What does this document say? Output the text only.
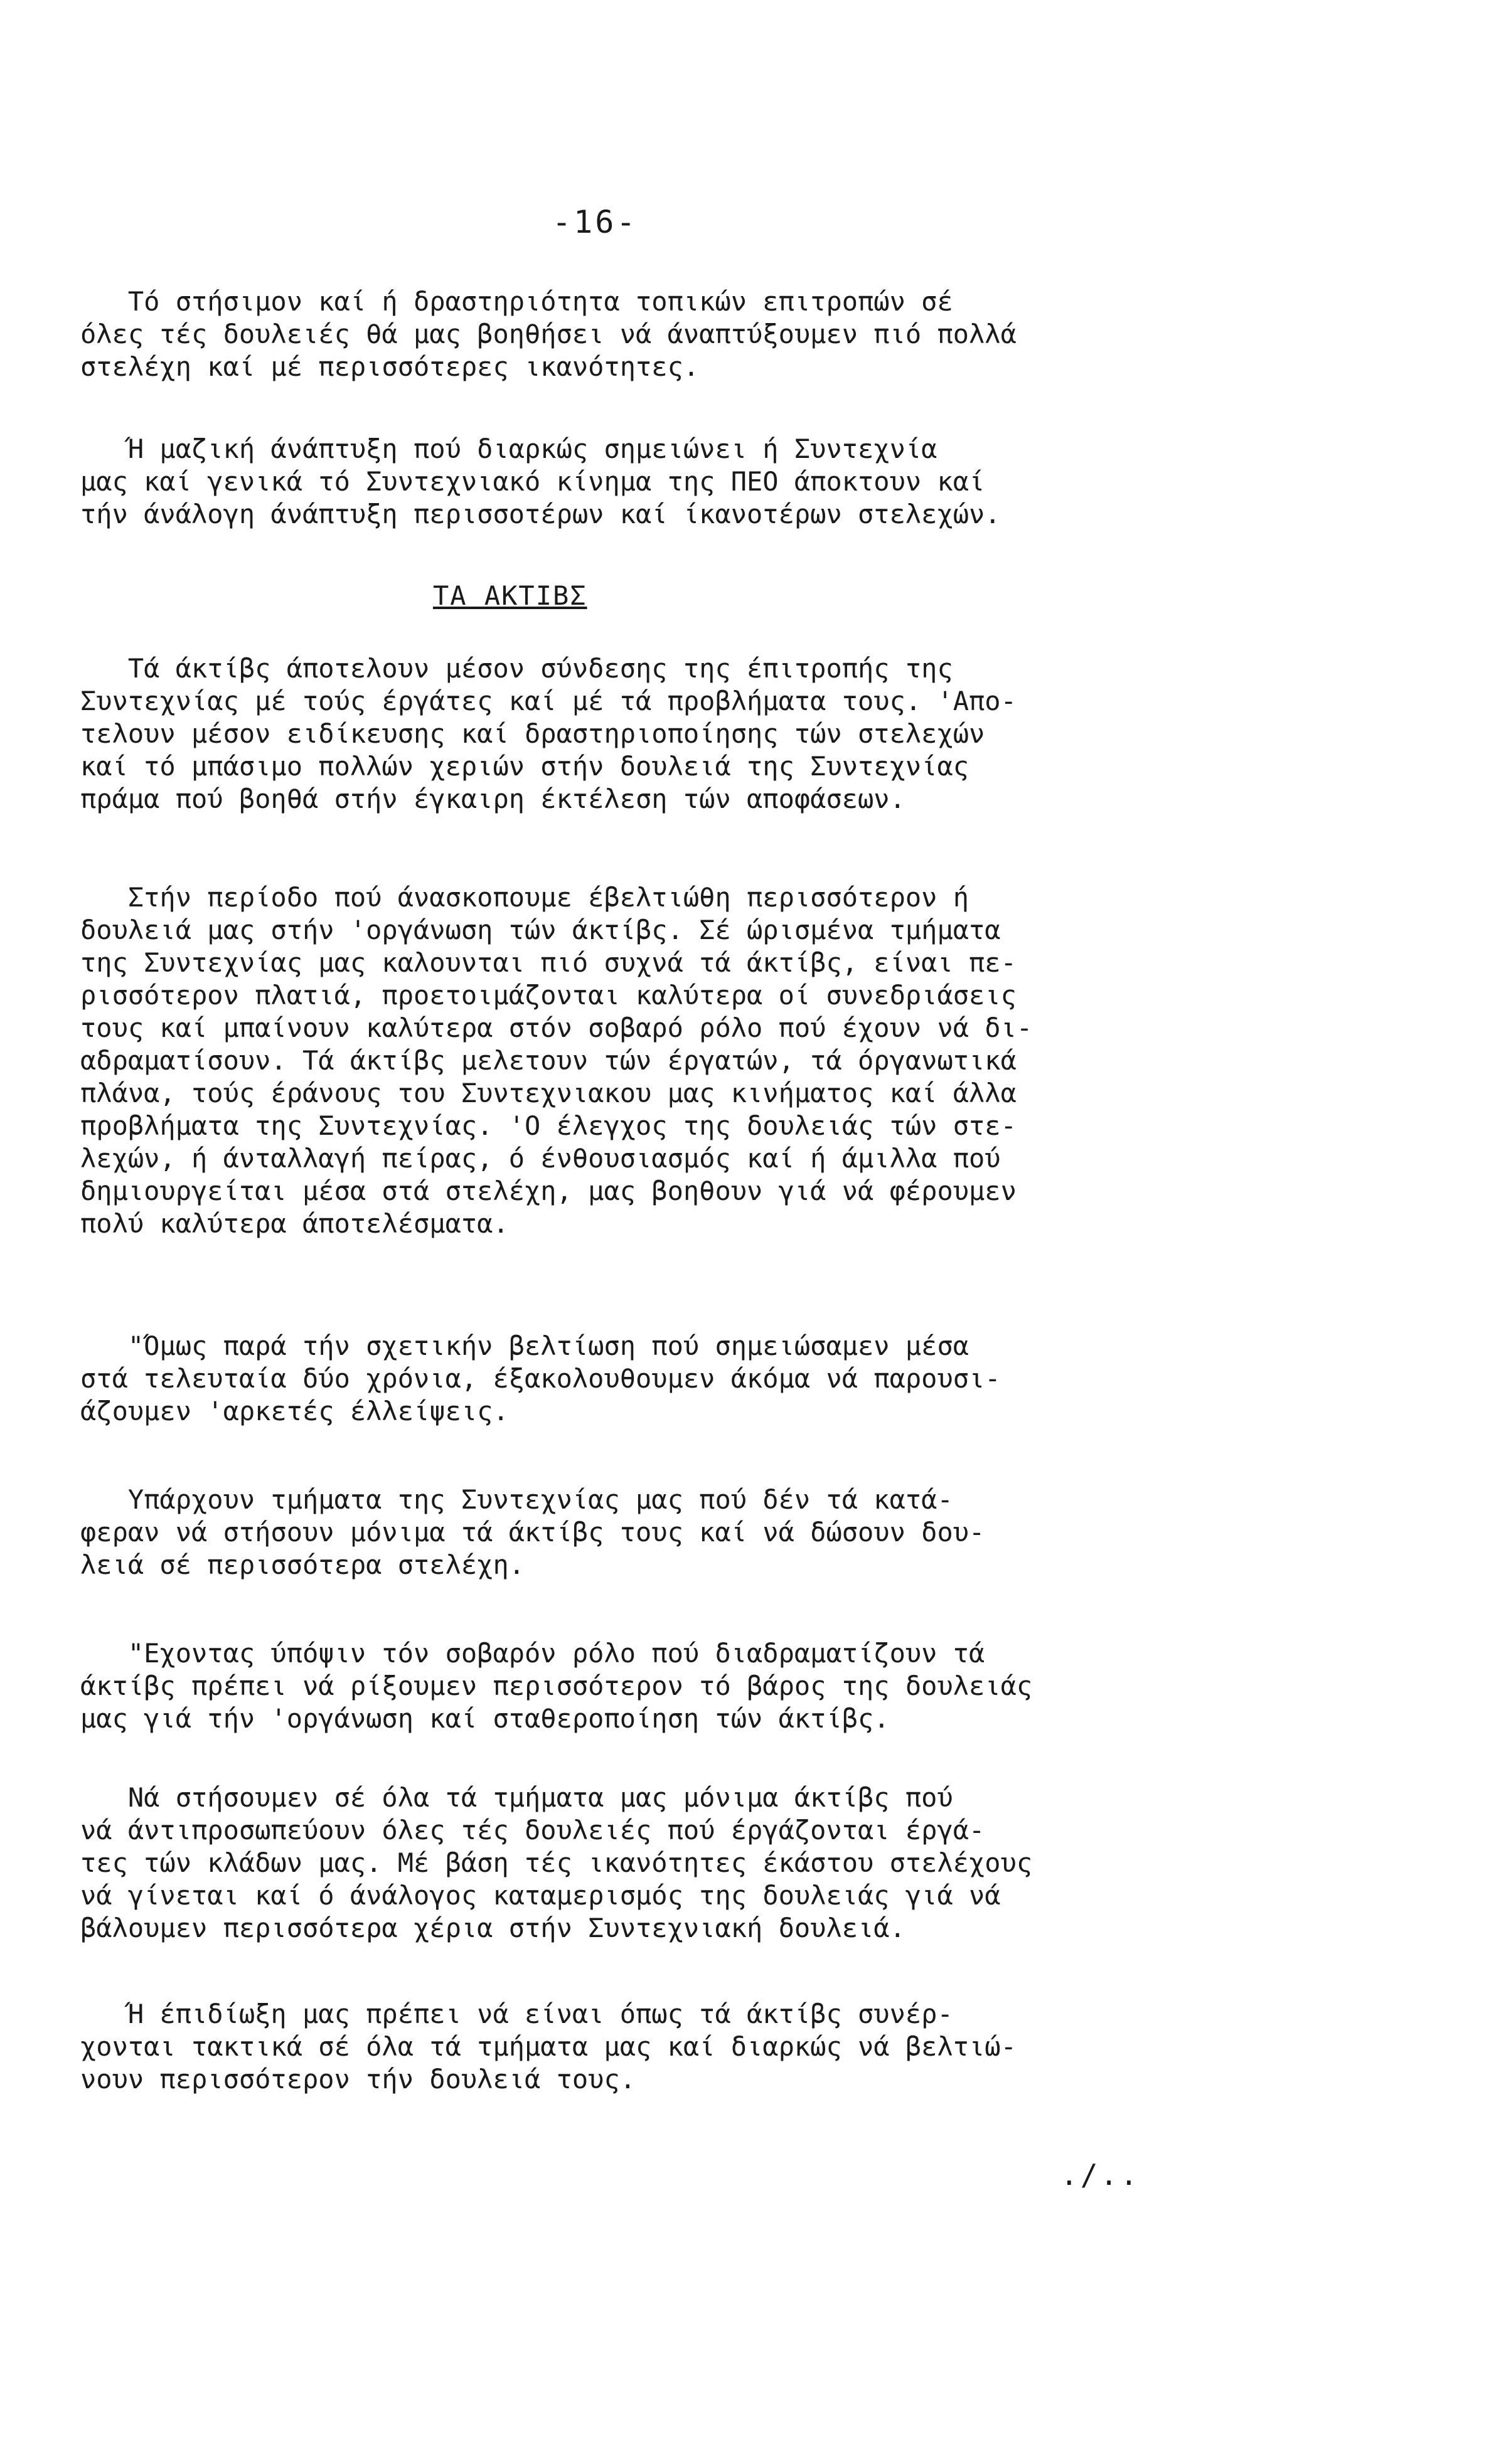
-16-

Τό στήσιμον καί ή δραστηριότητα τοπικών επιτροπών σέ
όλες τές δουλειές θά μας βοηθήσει νά άναπτύξουμεν πιό πολλά
στελέχη καί μέ περισσότερες ικανότητες.

Ή μαζική άνάπτυξη πού διαρκώς σημειώνει ή Συντεχνία
μας καί γενικά τό Συντεχνιακό κίνημα της ΠΕΟ άποκτουν καί
τήν άνάλογη άνάπτυξη περισσοτέρων καί ίκανοτέρων στελεχών.

ΤΑ ΑΚΤΙΒΣ

Τά άκτίβς άποτελουν μέσον σύνδεσης της έπιτροπής της
Συντεχνίας μέ τούς έργάτες καί μέ τά προβλήματα τους. 'Απο-
τελουν μέσον ειδίκευσης καί δραστηριοποίησης τών στελεχών
καί τό μπάσιμο πολλών χεριών στήν δουλειά της Συντεχνίας
πράμα πού βοηθά στήν έγκαιρη έκτέλεση τών αποφάσεων.

Στήν περίοδο πού άνασκοπουμε έβελτιώθη περισσότερον ή
δουλειά μας στήν 'οργάνωση τών άκτίβς. Σέ ώρισμένα τμήματα
της Συντεχνίας μας καλουνται πιό συχνά τά άκτίβς, είναι πε-
ρισσότερον πλατιά, προετοιμάζονται καλύτερα οί συνεδριάσεις
τους καί μπαίνουν καλύτερα στόν σοβαρό ρόλο πού έχουν νά δι-
αδραματίσουν. Τά άκτίβς μελετουν τών έργατών, τά όργανωτικά
πλάνα, τούς έράνους του Συντεχνιακου μας κινήματος καί άλλα
προβλήματα της Συντεχνίας. 'Ο έλεγχος της δουλειάς τών στε-
λεχών, ή άνταλλαγή πείρας, ό ένθουσιασμός καί ή άμιλλα πού
δημιουργείται μέσα στά στελέχη, μας βοηθουν γιά νά φέρουμεν
πολύ καλύτερα άποτελέσματα.

"Όμως παρά τήν σχετικήν βελτίωση πού σημειώσαμεν μέσα
στά τελευταία δύο χρόνια, έξακολουθουμεν άκόμα νά παρουσι-
άζουμεν 'αρκετές έλλείψεις.

Υπάρχουν τμήματα της Συντεχνίας μας πού δέν τά κατά-
φεραν νά στήσουν μόνιμα τά άκτίβς τους καί νά δώσουν δου-
λειά σέ περισσότερα στελέχη.

"Εχοντας ύπόψιν τόν σοβαρόν ρόλο πού διαδραματίζουν τά
άκτίβς πρέπει νά ρίξουμεν περισσότερον τό βάρος της δουλειάς
μας γιά τήν 'οργάνωση καί σταθεροποίηση τών άκτίβς.

Νά στήσουμεν σέ όλα τά τμήματα μας μόνιμα άκτίβς πού
νά άντιπροσωπεύουν όλες τές δουλειές πού έργάζονται έργά-
τες τών κλάδων μας. Μέ βάση τές ικανότητες έκάστου στελέχους
νά γίνεται καί ό άνάλογος καταμερισμός της δουλειάς γιά νά
βάλουμεν περισσότερα χέρια στήν Συντεχνιακή δουλειά.

Ή έπιδίωξη μας πρέπει νά είναι όπως τά άκτίβς συνέρ-
χονται τακτικά σέ όλα τά τμήματα μας καί διαρκώς νά βελτιώ-
νουν περισσότερον τήν δουλειά τους.

./..
